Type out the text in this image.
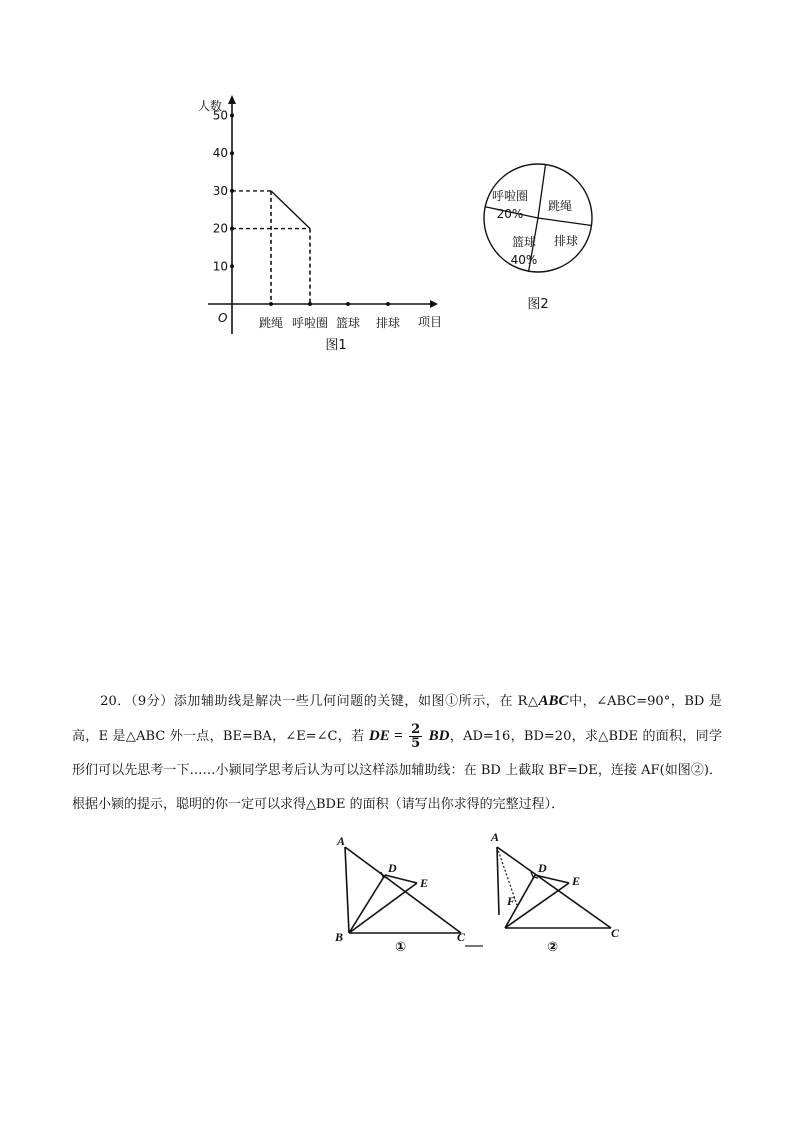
人数
项目
O
10
20
30
40
50
跳绳 呼啦圈 篮球 排球
图1
呼啦圈
20%
跳绳
排球
篮球
40%
图2
20．（9分）添加辅助线是解决一些几何问题的关键，如图①所示，在 R△ABC中，∠ABC=90°，BD 是高，E 是△ABC 外一点，BE=BA，∠E=∠C，若 DE = $\frac{2}{5}$ BD，AD=16，BD=20，求△BDE 的面积，同学形们可以先思考一下……小颍同学思考后认为可以这样添加辅助线：在 BD 上截取 BF=DE，连接 AF(如图②)．根据小颍的提示，聪明的你一定可以求得△BDE 的面积（请写出你求得的完整过程）．
A
B	C
D
E
①
A
C
D
E
F
②
